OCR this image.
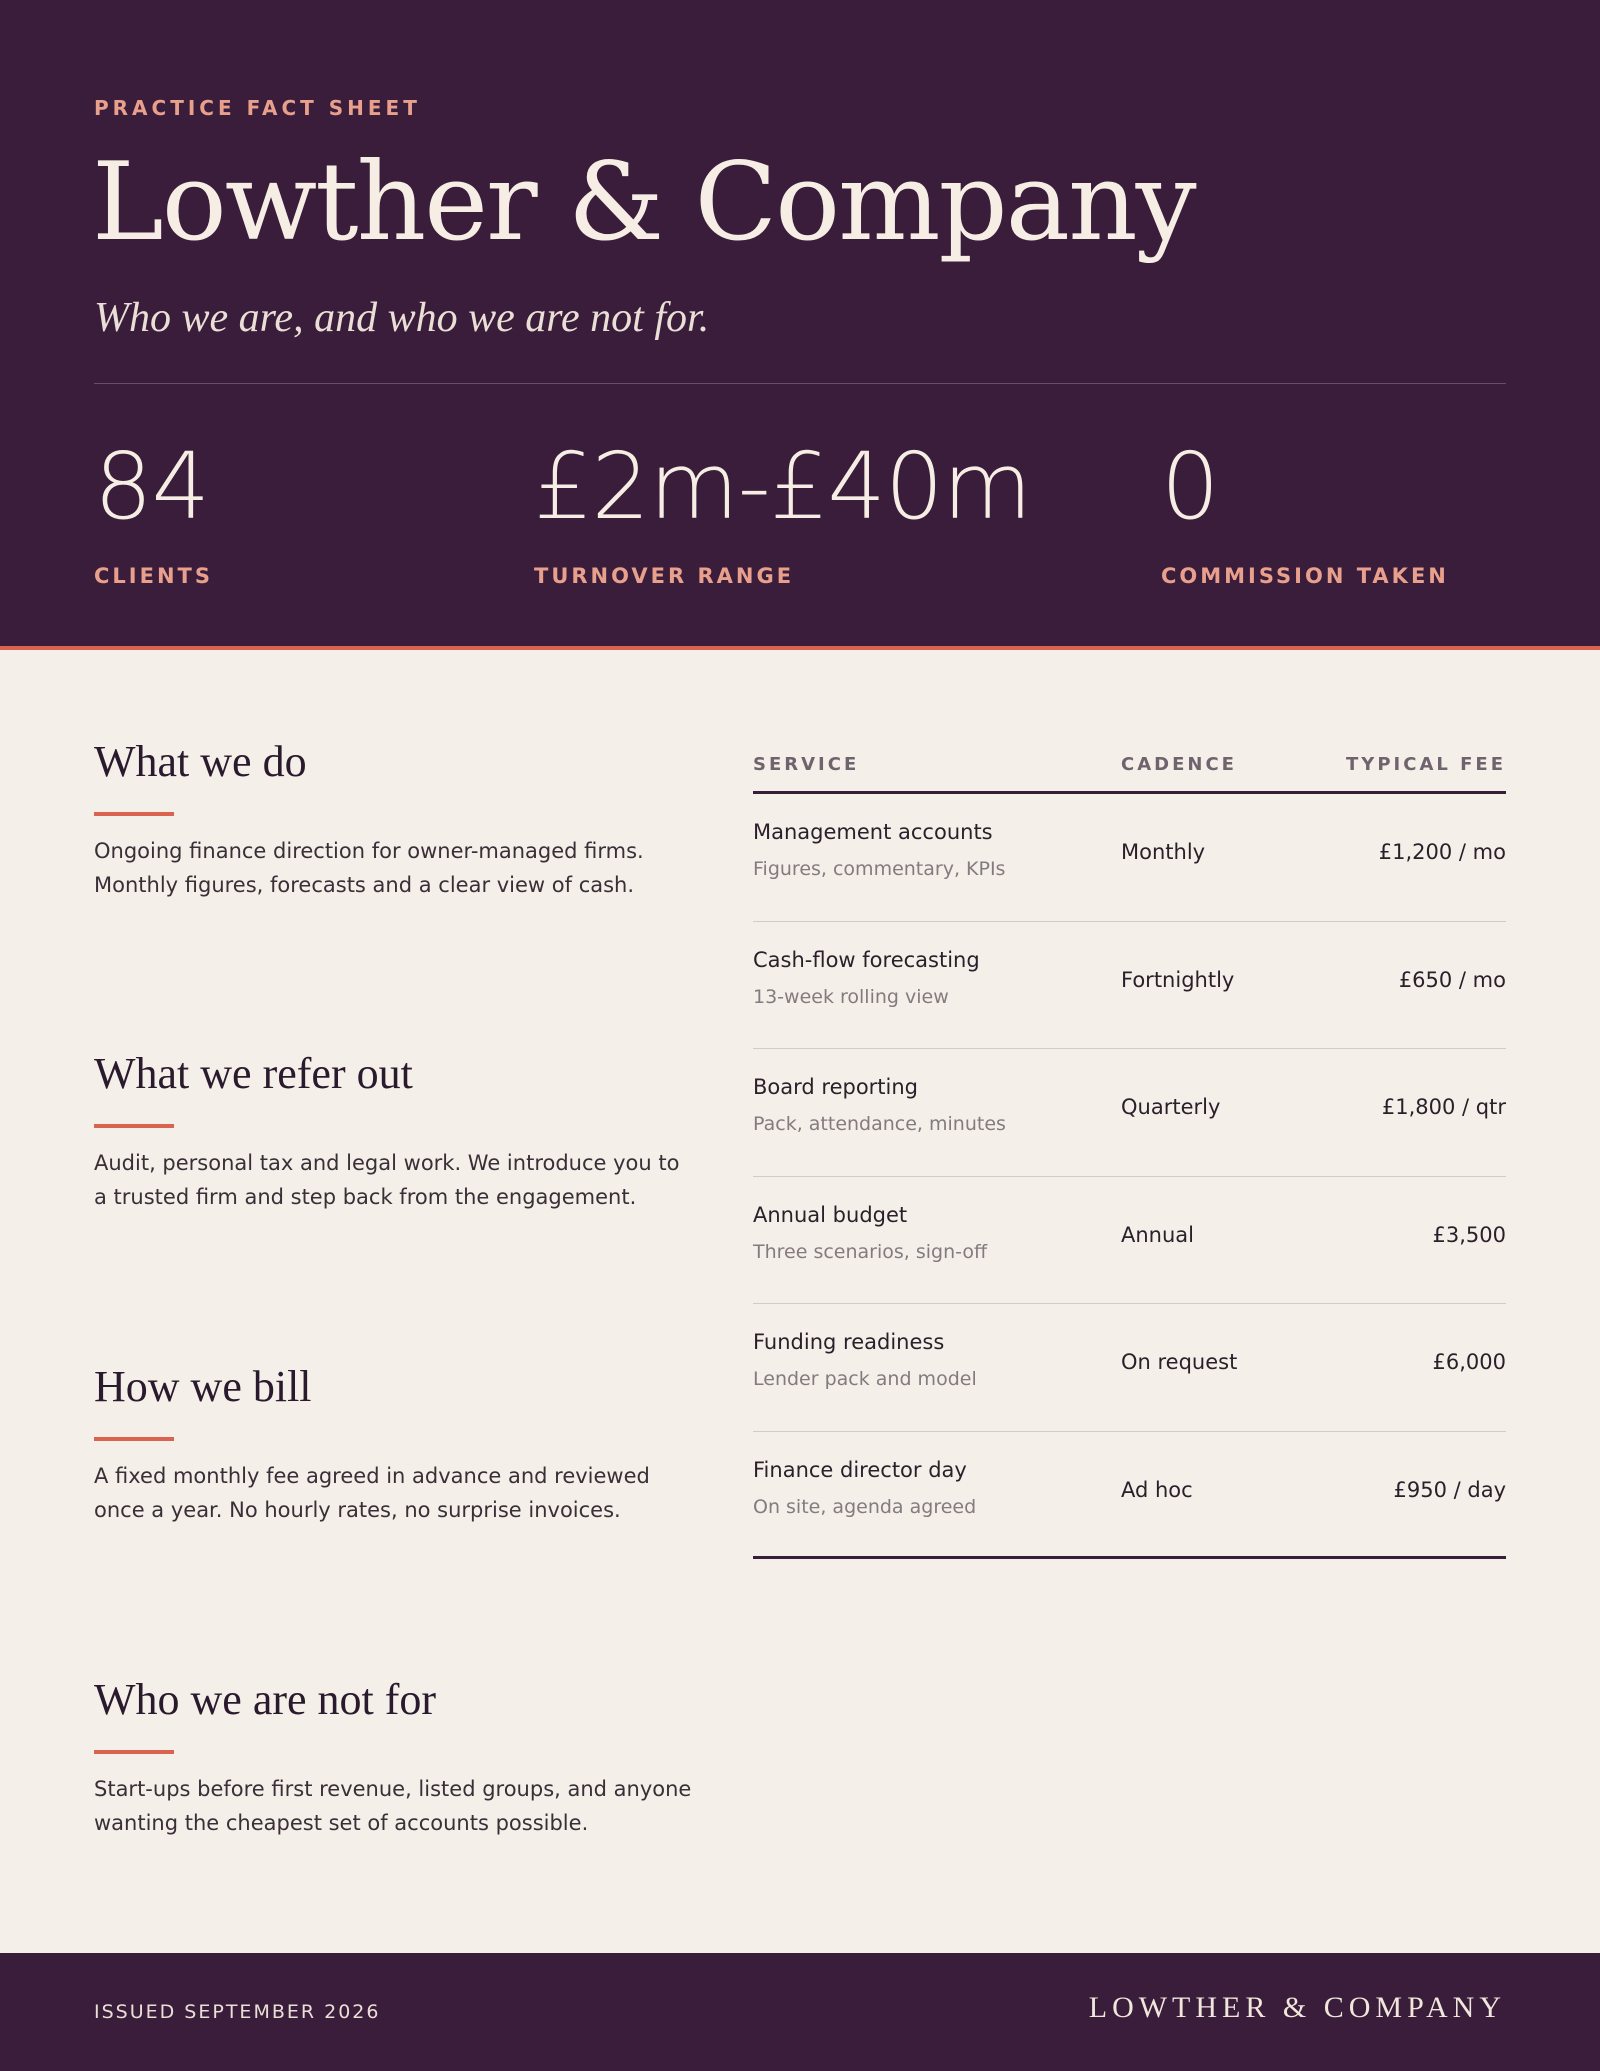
PRACTICE FACT SHEET
Lowther & Company
Who we are, and who we are not for.
84
CLIENTS
£2m-£40m
TURNOVER RANGE
0
COMMISSION TAKEN
What we do

Ongoing finance direction for owner-managed firms. Monthly figures, forecasts and a clear view of cash.

What we refer out

Audit, personal tax and legal work. We introduce you to a trusted firm and step back from the engagement.

How we bill

A fixed monthly fee agreed in advance and reviewed once a year. No hourly rates, no surprise invoices.

Who we are not for

Start-ups before first revenue, listed groups, and anyone wanting the cheapest set of accounts possible.

SERVICE	CADENCE	TYPICAL FEE
Management accounts
Figures, commentary, KPIs
Monthly	£1,200 / mo
Cash-flow forecasting
13-week rolling view
Fortnightly	£650 / mo
Board reporting
Pack, attendance, minutes
Quarterly	£1,800 / qtr
Annual budget
Three scenarios, sign-off
Annual	£3,500
Funding readiness
Lender pack and model
On request	£6,000
Finance director day
On site, agenda agreed
Ad hoc	£950 / day
ISSUED SEPTEMBER 2026	LOWTHER & COMPANY
